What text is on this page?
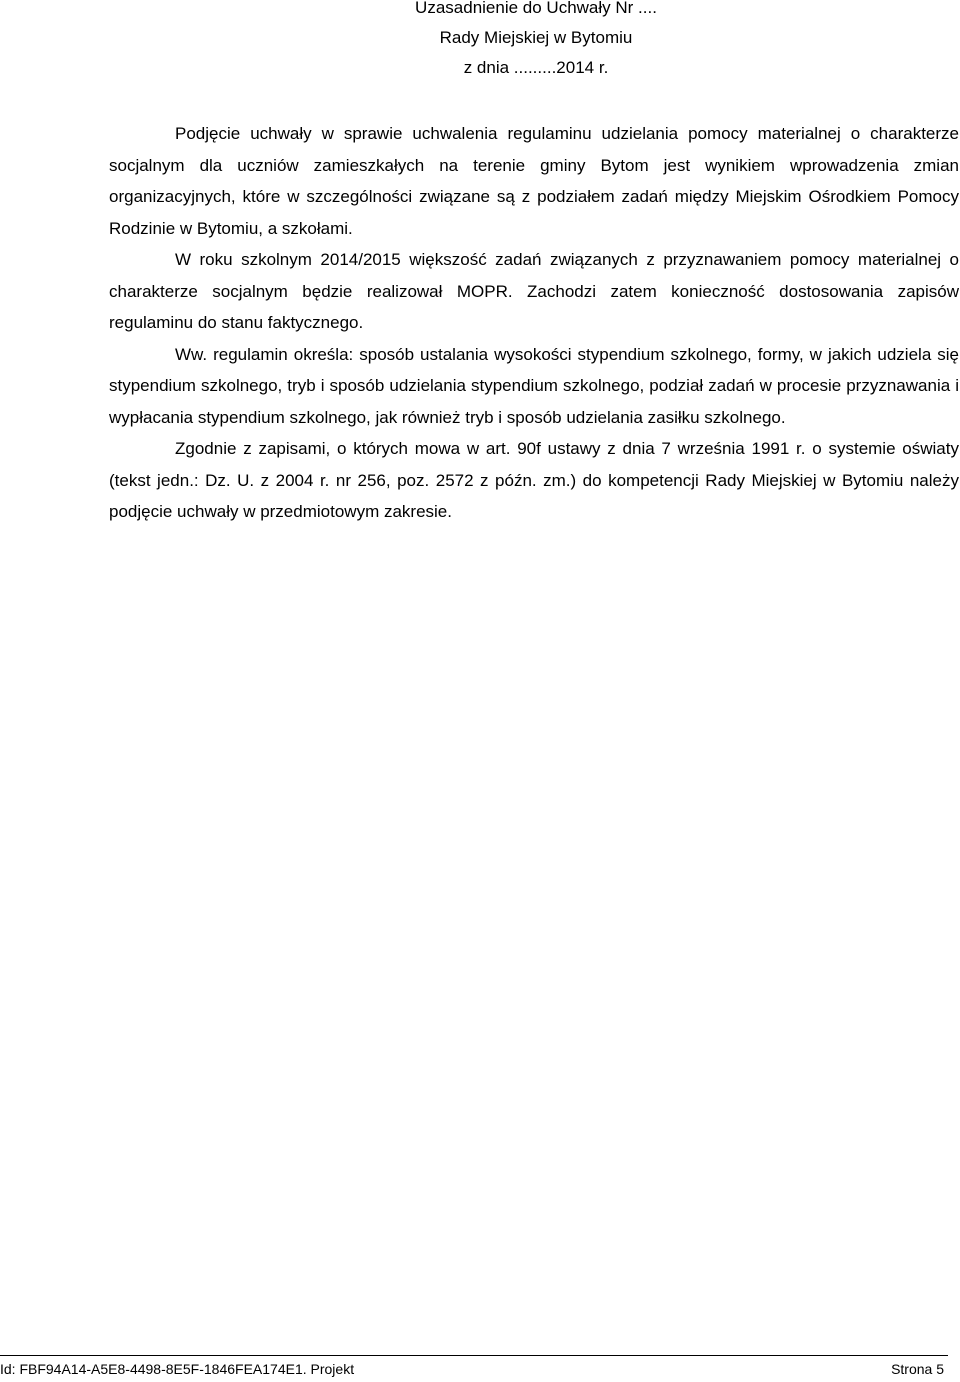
Uzasadnienie do Uchwały Nr ....
Rady Miejskiej w Bytomiu
z dnia .........2014 r.

Podjęcie uchwały w sprawie uchwalenia regulaminu udzielania pomocy materialnej o charakterze socjalnym dla uczniów zamieszkałych na terenie gminy Bytom jest wynikiem wprowadzenia zmian organizacyjnych, które w szczególności związane są z podziałem zadań między Miejskim Ośrodkiem Pomocy Rodzinie w Bytomiu, a szkołami.

W roku szkolnym 2014/2015 większość zadań związanych z przyznawaniem pomocy materialnej o charakterze socjalnym będzie realizował MOPR. Zachodzi zatem konieczność dostosowania zapisów regulaminu do stanu faktycznego.

Ww. regulamin określa: sposób ustalania wysokości stypendium szkolnego, formy, w jakich udziela się stypendium szkolnego, tryb i sposób udzielania stypendium szkolnego, podział zadań w procesie przyznawania i wypłacania stypendium szkolnego, jak również tryb i sposób udzielania zasiłku szkolnego.

Zgodnie z zapisami, o których mowa w art. 90f ustawy z dnia 7 września 1991 r. o systemie oświaty (tekst jedn.: Dz. U. z 2004 r. nr 256, poz. 2572 z późn. zm.) do kompetencji Rady Miejskiej w Bytomiu należy podjęcie uchwały w przedmiotowym zakresie.

Id: FBF94A14-A5E8-4498-8E5F-1846FEA174E1. Projekt	Strona 5
